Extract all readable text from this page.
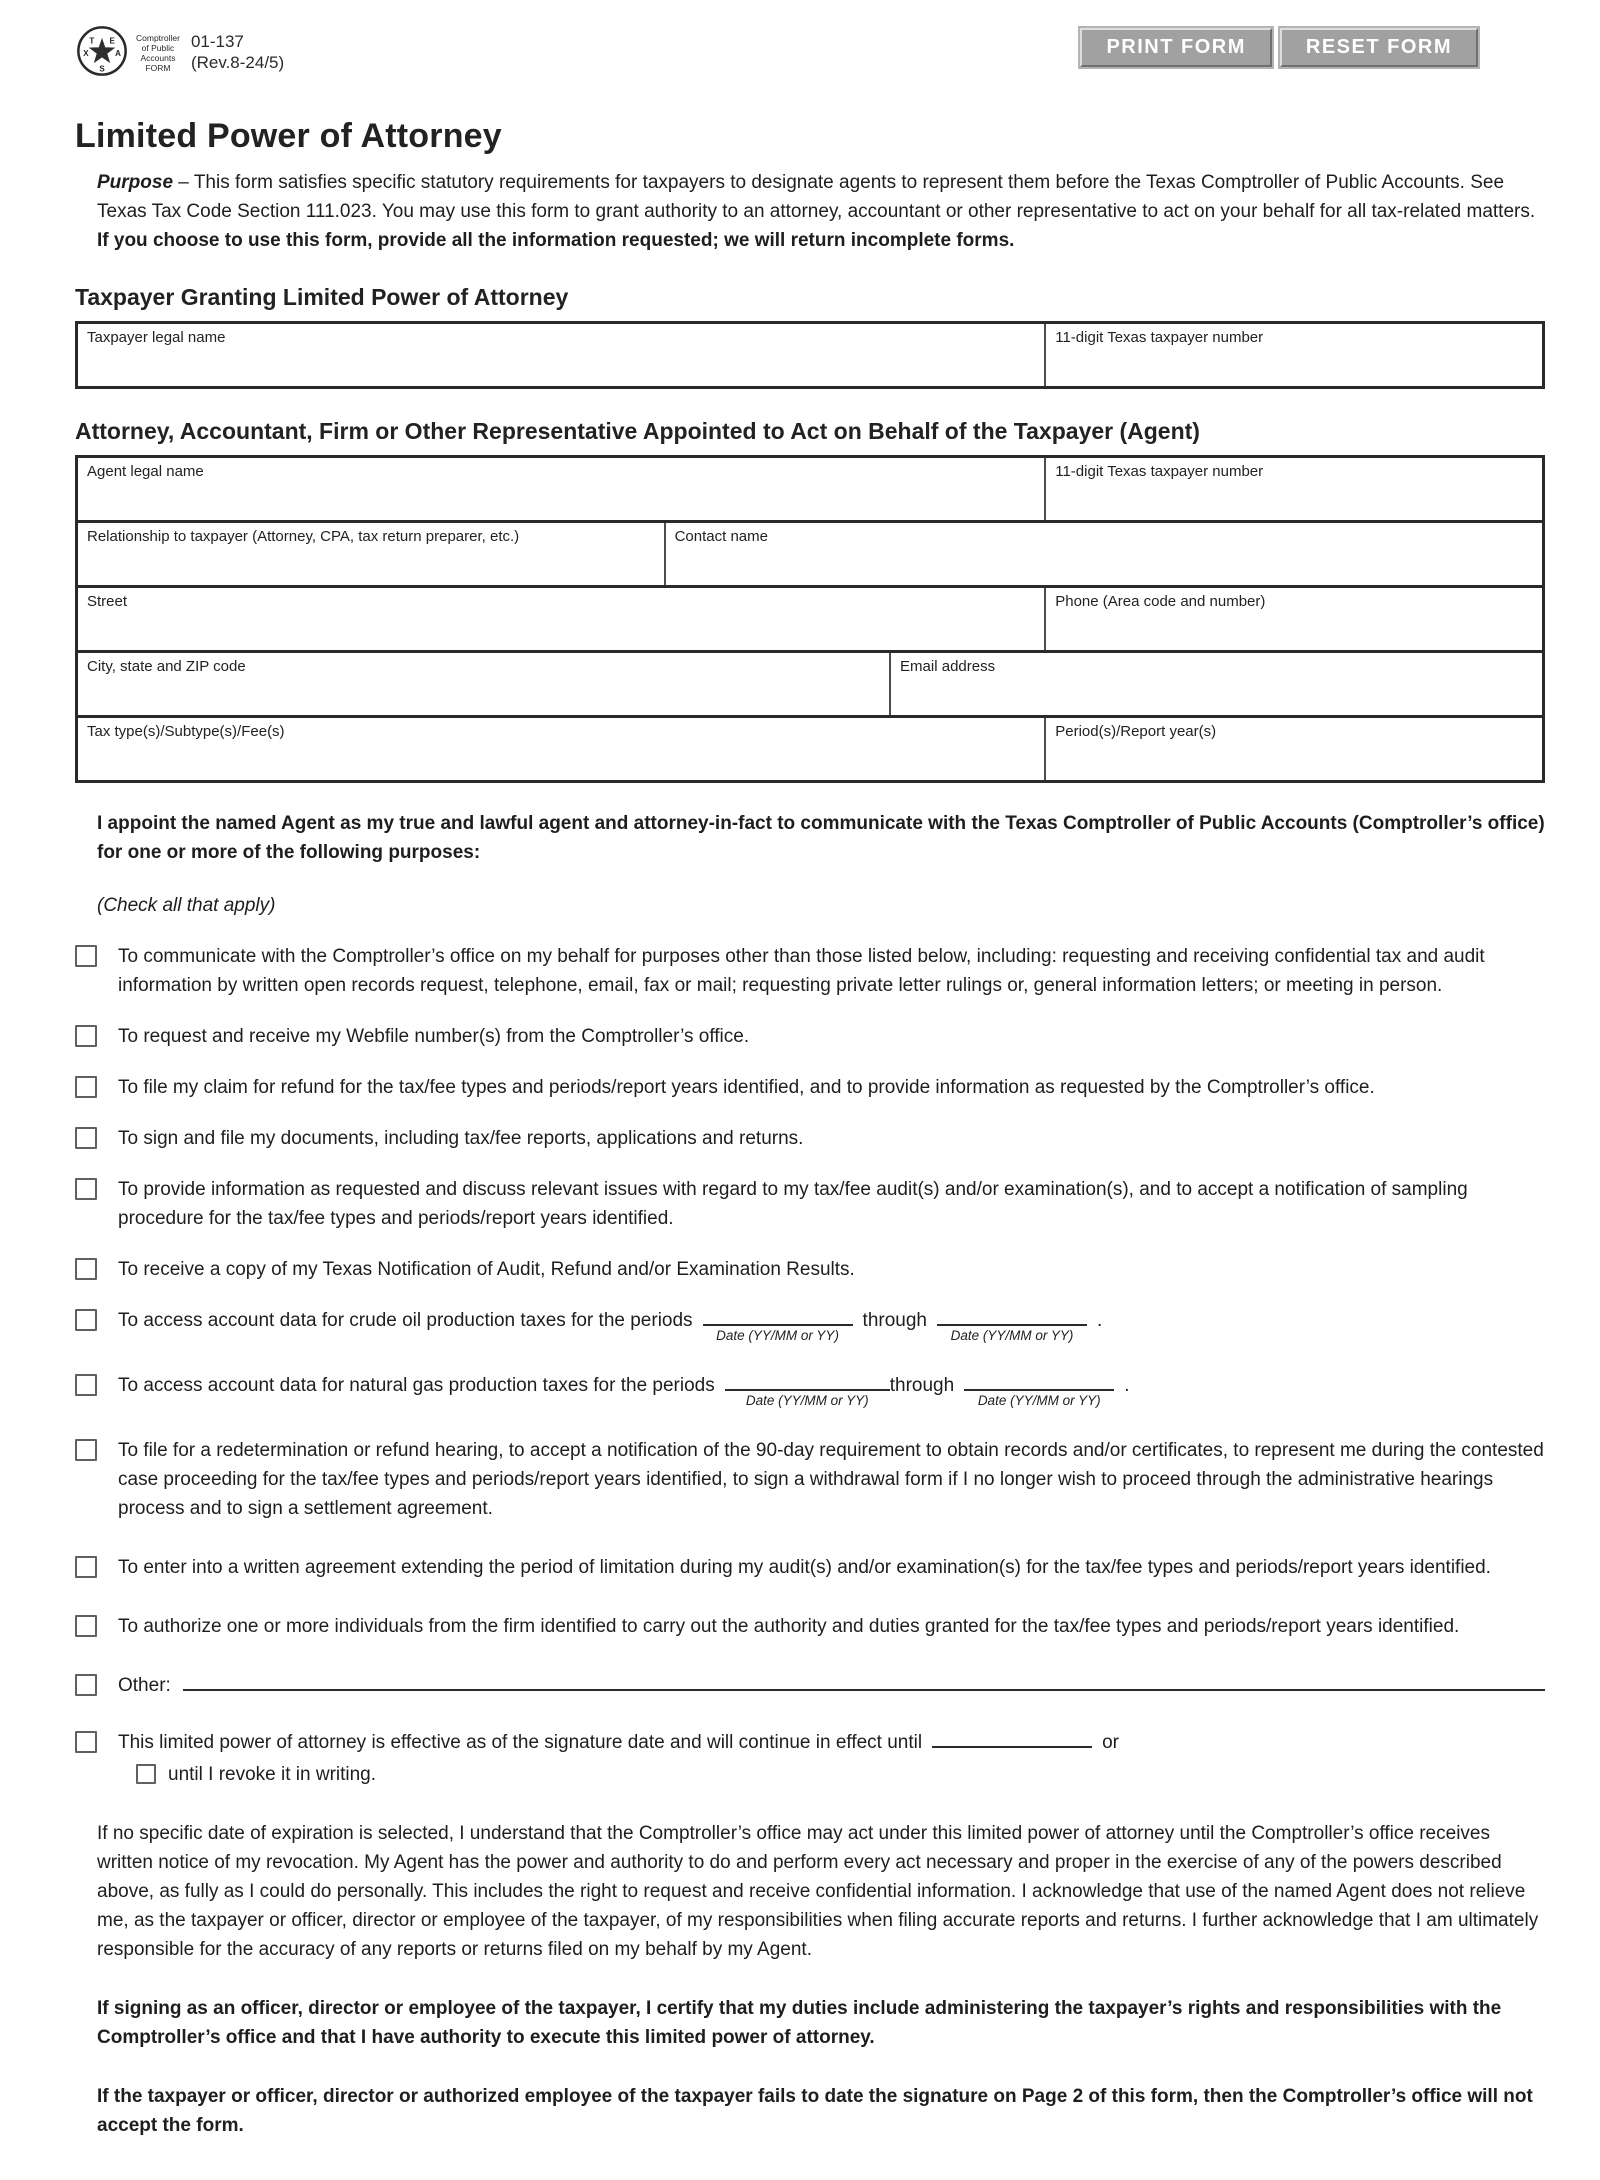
T E
X	A
S
Comptroller
of Public
Accounts
FORM
01-137
(Rev.8-24/5)
PRINT FORM	RESET FORM
Limited Power of Attorney

Purpose – This form satisfies specific statutory requirements for taxpayers to designate agents to represent them before the Texas Comptroller of Public Accounts. See Texas Tax Code Section 111.023. You may use this form to grant authority to an attorney, accountant or other representative to act on your behalf for all tax-related matters. If you choose to use this form, provide all the information requested; we will return incomplete forms.

Taxpayer Granting Limited Power of Attorney
Taxpayer legal name	11-digit Texas taxpayer number
Attorney, Accountant, Firm or Other Representative Appointed to Act on Behalf of the Taxpayer (Agent)
Agent legal name	11-digit Texas taxpayer number
Relationship to taxpayer (Attorney, CPA, tax return preparer, etc.)	Contact name
Street	Phone (Area code and number)
City, state and ZIP code	Email address
Tax type(s)/Subtype(s)/Fee(s)	Period(s)/Report year(s)

I appoint the named Agent as my true and lawful agent and attorney-in-fact to communicate with the Texas Comptroller of Public Accounts (Comptroller’s office) for one or more of the following purposes:

(Check all that apply)

To communicate with the Comptroller’s office on my behalf for purposes other than those listed below, including: requesting and receiving confidential tax and audit information by written open records request, telephone, email, fax or mail; requesting private letter rulings or, general information letters; or meeting in person.
To request and receive my Webfile number(s) from the Comptroller’s office.
To file my claim for refund for the tax/fee types and periods/report years identified, and to provide information as requested by the Comptroller’s office.
To sign and file my documents, including tax/fee reports, applications and returns.
To provide information as requested and discuss relevant issues with regard to my tax/fee audit(s) and/or examination(s), and to accept a notification of sampling procedure for the tax/fee types and periods/report years identified.
To receive a copy of my Texas Notification of Audit, Refund and/or Examination Results.
To access account data for crude oil production taxes for the periods
Date (YY/MM or YY)
through
Date (YY/MM or YY)
.
To access account data for natural gas production taxes for the periods
Date (YY/MM or YY)
through
Date (YY/MM or YY)
.
To file for a redetermination or refund hearing, to accept a notification of the 90-day requirement to obtain records and/or certificates, to represent me during the contested case proceeding for the tax/fee types and periods/report years identified, to sign a withdrawal form if I no longer wish to proceed through the administrative hearings process and to sign a settlement agreement.
To enter into a written agreement extending the period of limitation during my audit(s) and/or examination(s) for the tax/fee types and periods/report years identified.
To authorize one or more individuals from the firm identified to carry out the authority and duties granted for the tax/fee types and periods/report years identified.
Other:
This limited power of attorney is effective as of the signature date and will continue in effect until	or
until I revoke it in writing.

If no specific date of expiration is selected, I understand that the Comptroller’s office may act under this limited power of attorney until the Comptroller’s office receives written notice of my revocation. My Agent has the power and authority to do and perform every act necessary and proper in the exercise of any of the powers described above, as fully as I could do personally. This includes the right to request and receive confidential information. I acknowledge that use of the named Agent does not relieve me, as the taxpayer or officer, director or employee of the taxpayer, of my responsibilities when filing accurate reports and returns. I further acknowledge that I am ultimately responsible for the accuracy of any reports or returns filed on my behalf by my Agent.

If signing as an officer, director or employee of the taxpayer, I certify that my duties include administering the taxpayer’s rights and responsibilities with the Comptroller’s office and that I have authority to execute this limited power of attorney.

If the taxpayer or officer, director or authorized employee of the taxpayer fails to date the signature on Page 2 of this form, then the Comptroller’s office will not accept the form.
